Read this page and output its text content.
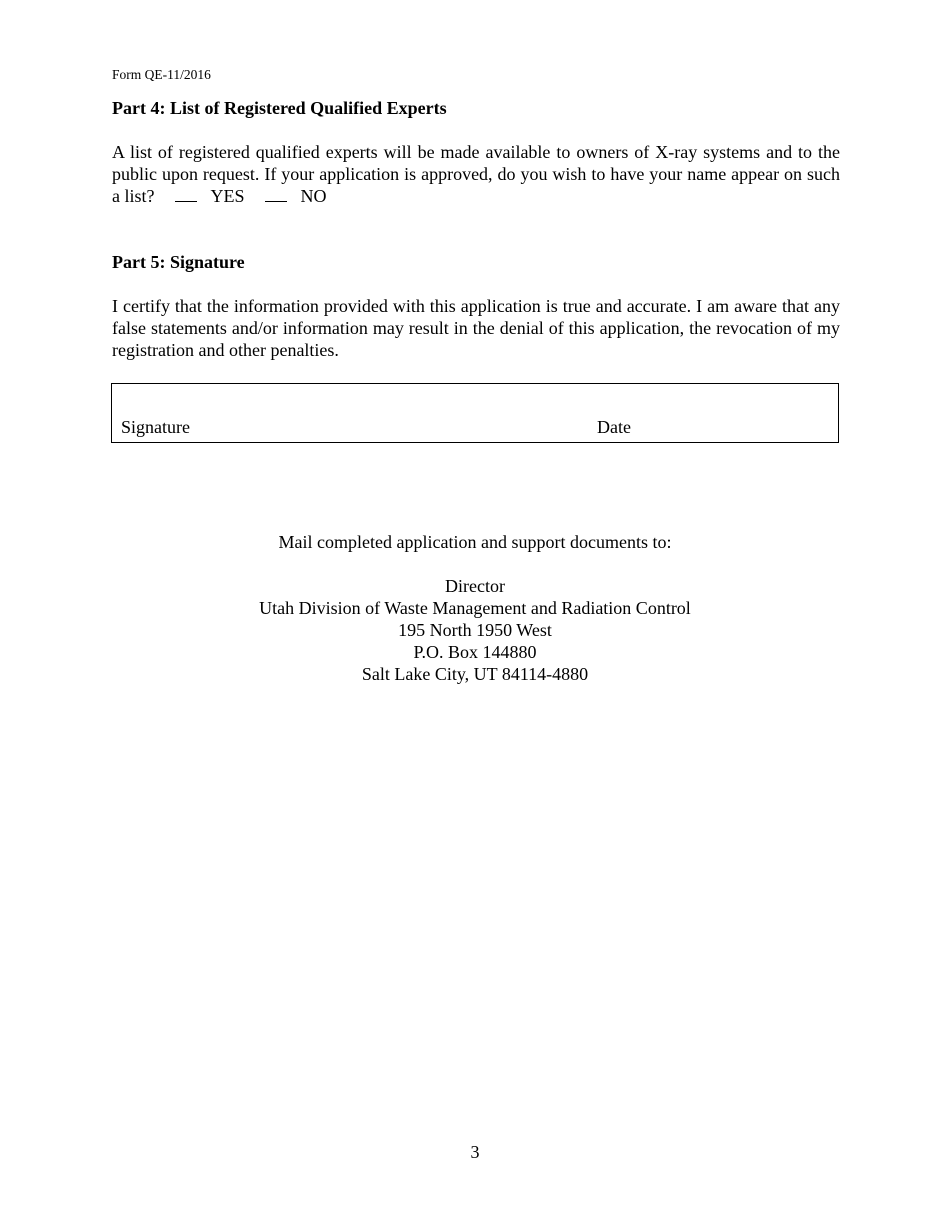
Form QE-11/2016
Part 4: List of Registered Qualified Experts
A list of registered qualified experts will be made available to owners of X-ray systems and to the
public upon request. If your application is approved, do you wish to have your name appear on such
a list?	YES	NO
Part 5: Signature
I certify that the information provided with this application is true and accurate. I am aware that any
false statements and/or information may result in the denial of this application, the revocation of my
registration and other penalties.
Signature	Date
Mail completed application and support documents to:
Director
Utah Division of Waste Management and Radiation Control
195 North 1950 West
P.O. Box 144880
Salt Lake City, UT 84114-4880
3
